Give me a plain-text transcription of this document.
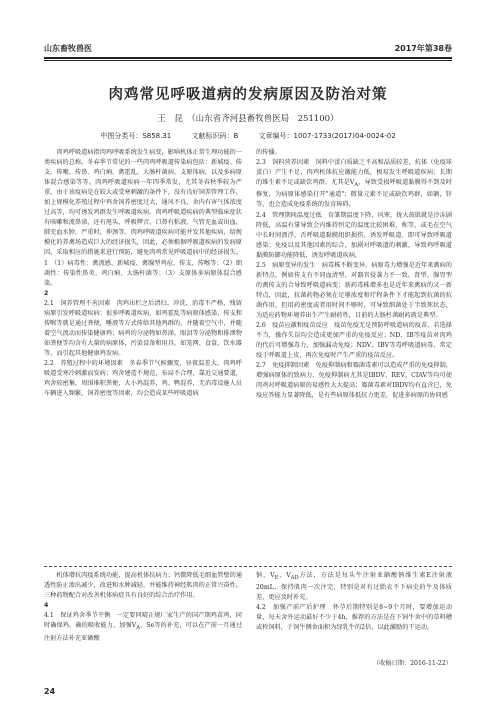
山东畜牧兽医	2017年第38卷
肉鸡常见呼吸道病的发病原因及防治对策
王　昆　（山东省齐河县畜牧兽医局　251100）
中图分类号：S858.31	文献标识码：B	文章编号：1007-1733(2017)04-0024-02

肉鸡呼吸道病指肉鸡呼吸系统发生病变，影响机体正常生理功能的一类疾病的总称。冬春季节常见的一些肉鸡呼吸道传染病包括：新城疫、传支、传喉、传鼻、鸡白痢、禽霍乱、大肠杆菌病、支原体病，以及多病原体混合感染等等。肉鸡呼吸道疾病一年四季常发，尤其冬春秋季较为严重，由于该疫病是在较大或受寒刺激的条件下，没有良好饲养管理工作，加上规模化养殖过程中鸡舍饲养密度过大，通风不良，舍内有害气体浓度过高等，均可诱发鸡群发生呼吸道疾病。肉鸡呼吸道疾病的典型临床症状有咳嗽和流鼻涕，还有甩头、呼吸啰音，口鼻有粘液，气管充血或出血，肺充血水肿，严重时，伸颈等。肉鸡呼吸道疾病可能并发其他疾病，给规模化的养禽场造成巨大的经济损失，因此，必须根据呼吸道疾病的发病原因，采取相应的措施来进行预防，避免肉鸡常见呼吸道病中的经济损失。

1　（1）病毒性：禽流感、新城疫、禽腺型鸡痘、传支、传喉等；（2）细菌性：传染性鼻炎、鸡白痢、大肠杆菌等；（3）支原体多病原体混合感染。

2　

2.1　饲养管理不善因素　肉鸡出栏之后清扫、冲洗、消毒不严格，残留病原引发呼吸道疾病；很多呼吸道疾病，如鸡霍乱等病原体感染，传支和传喉等就是通过粪便，唾液等方式传给其他鸡群的，并随着空气中，并随着空气流动而传染健康鸡；病鸡的分泌物如鼻涕，眼泪等分泌物和排泄物如粪便等均含有大量的病原体，污染设备和用具，如笼网、食盒、饮水器等，而引起其他健康鸡发病。

2.2　养殖过程中的环境因素　冬春季节气候骤变，昼夜温差大，肉鸡呼吸道受寒冷刺激而发病；鸡舍建造不规范，布局不合理，靠近交通要道，鸡舍较密集，周围堆积粪便，大小鸡混养，鸡、鸭混养，无消毒设施人员车辆进入频繁，饲养密度等因素，均会造成某些呼吸道病

的传播。

2.3　饲料营养因素　饲料中蛋白质缺乏不高和晶质较差，抗体（免疫球蛋白）产生不足，肉鸡机体抗应激能力低，极易发生呼吸道疾病；长期的维生素不足或缺饮鸡群，尤其是$V_A$，导致受损呼吸道黏膜得不到及时修复，为病原体感染打开"通道"；微量元素不足或缺饮鸡群，如硒，锌等，也会造成免疫系统的发育障碍。

2.4　管理期间温度过低　育雏期温度下降，风寒，拢大鼓肌就是冷冻剧降低，高温有掌导致会内维持恒定的温度比较困难，称等，或毛在空气中长时间漂浮，否呼吸道黏膜组织损伤，诱发呼吸道、即可导致呼吸道感染；免疫以及其他因素的综合，加剧对呼吸道的刺激，导致鸡呼吸道黏膜防御功能降低，诱发呼吸道疾病。

2.5　病原变异的发生　病毒株不断变异，病原毒力增强是近年来禽病的新特点，例如传支有不同血清型，对器官侵袭力不一致，肾型，腺胃型的禽传支的合导致呼吸道病变；新药毒株增多也是近年来禽病的又一新特点，因此，抗菌药物必须在足够浓度和疗程条件下才能起到抗菌的抗菌作用，但用药密度或者用时间不够时，可导致细菌处于半致死状态，为适应药物环境养出生产生耐药性，目前的大肠杆菌耐药就是典型。

2.6　疫苗应激和疫苗反应　疫苗免疫无是预防呼吸道病的疫苗，若选择不当，操作失误均会造成更加严重的免疫反应；ND、IB等疫苗对肉鸡的代后可增强毒力，加强漏动免疫；NDV、IBV等毒呼吸道病毒，常定疫于呼吸道上皮，再次免疫时产生严重的疫苗反应。

2.7　免疫抑制因素　免疫抑制病和霉菌毒素可以造成严重的免疫抑制，增强病原体的致病力、免疫抑制病尤其是IBDV、REV、CIAV等均可使肉鸡对呼吸道病原的易感性大大提高；霉菌毒素对IBDV均有直含已，免疫应答能力显著降低，是有些病原体抵抗力更差，促进多病原的协同感

机体增抗肉疫系统功能，提高机体抗病力；钙微降低毛细血管壁的通透性防止渗出减少，改进和水肿减轻，并能维持神经肌肉的正常兴奋性。三种药物配合对改善机体病症具有良好的综合治疗作用。

4　

4.1　保证鸡舍季节平衡　一定要同晴正规厂家生产的国产期鸡苗鸡，同时确保鸡、确的吸收能力，加强$V_A$、Se等的补充，可以在产前一月通过注射方法补充亚硒酸

钠、$V_E$、$V_{AD}$方法，方法是每头牛注射亚硒酸钠维生素E注射液20mL，保持肌肉一次注完，特别是对有过胎衣不下病史的牛及体质差，更应及时补充。

4.2　加强产前产后护理　怀孕后期特别是8~9个月时，要增加运动量，每天舍外运动最好不少于4h，推荐的方法是在下饲牛舍中的草料槽或栓饲料，于饲牛侧舍面积为绿乳牛的2倍，以此激励的干运动。

（收稿日期：2016-11-22）
24
